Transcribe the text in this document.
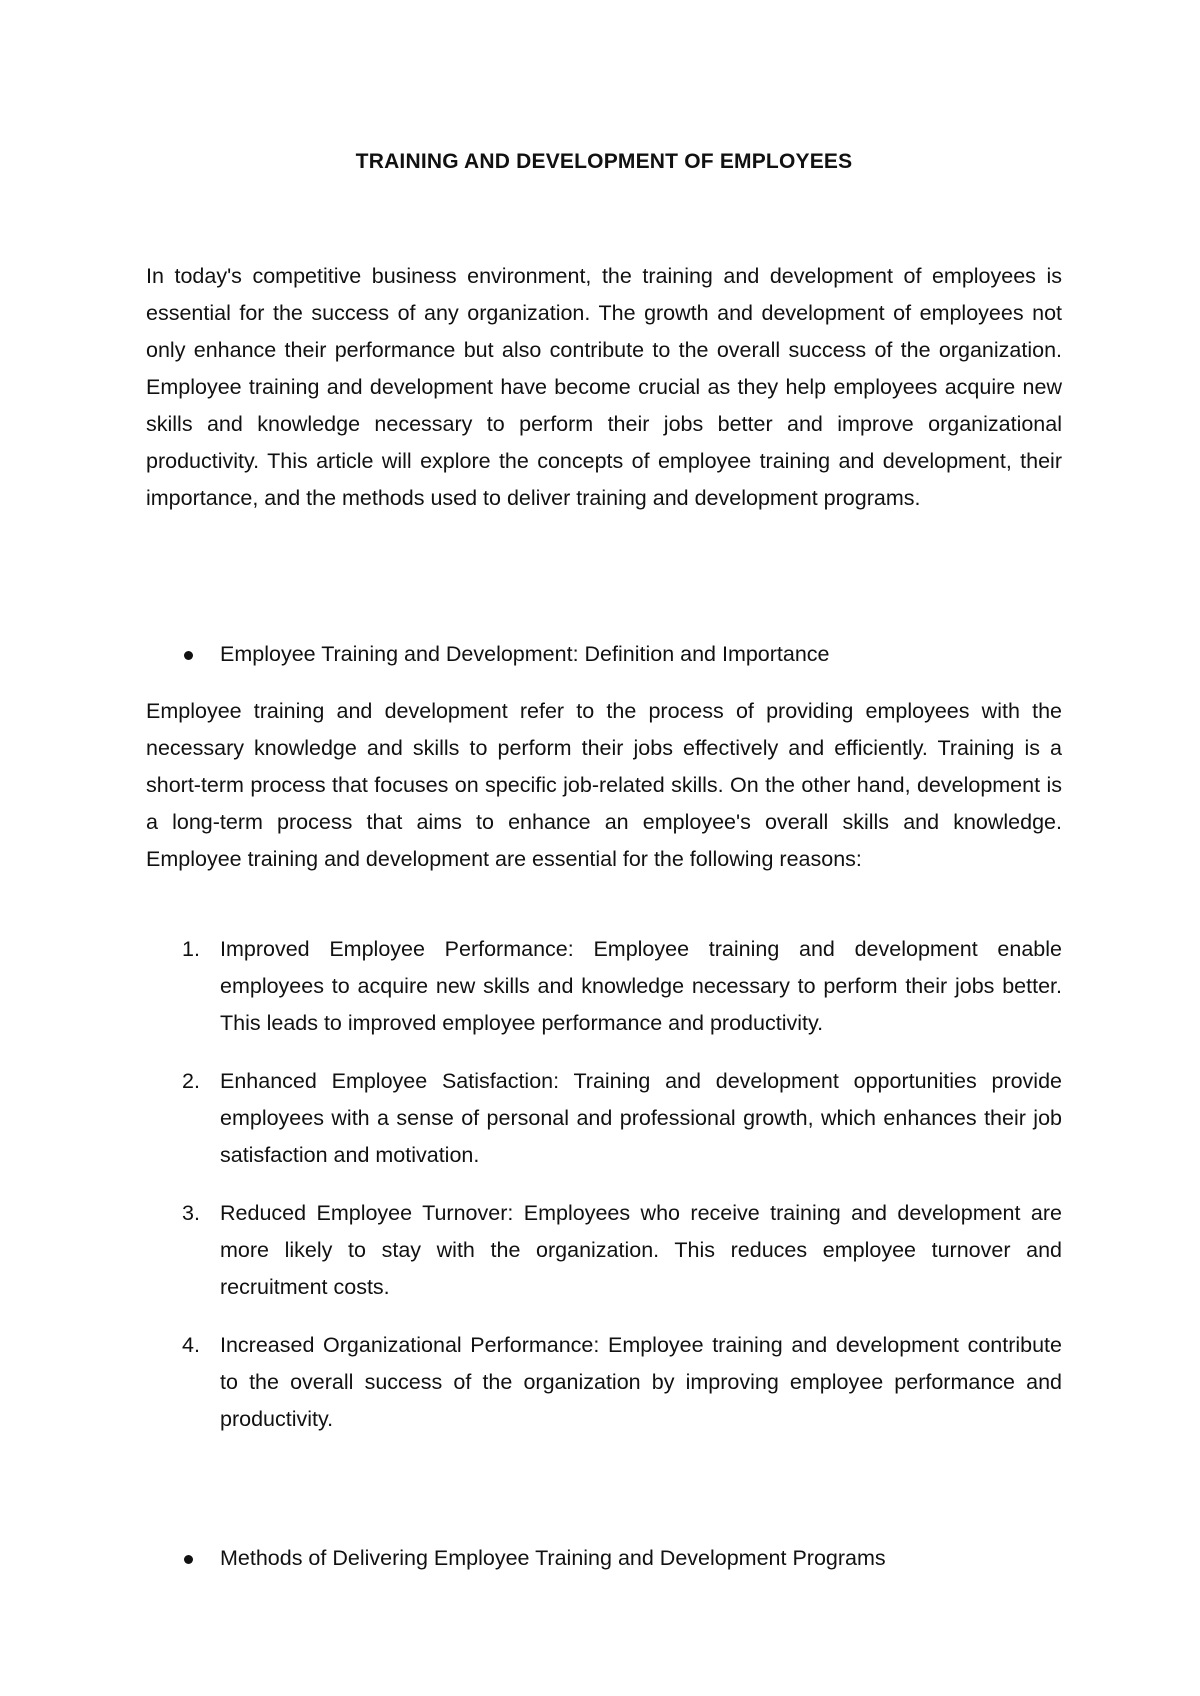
TRAINING AND DEVELOPMENT OF EMPLOYEES

In today's competitive business environment, the training and development of employees is essential for the success of any organization. The growth and development of employees not only enhance their performance but also contribute to the overall success of the organization. Employee training and development have become crucial as they help employees acquire new skills and knowledge necessary to perform their jobs better and improve organizational productivity. This article will explore the concepts of employee training and development, their importance, and the methods used to deliver training and development programs.

Employee Training and Development: Definition and Importance

Employee training and development refer to the process of providing employees with the necessary knowledge and skills to perform their jobs effectively and efficiently. Training is a short-term process that focuses on specific job-related skills. On the other hand, development is a long-term process that aims to enhance an employee's overall skills and knowledge. Employee training and development are essential for the following reasons:

1. Improved Employee Performance: Employee training and development enable employees to acquire new skills and knowledge necessary to perform their jobs better. This leads to improved employee performance and productivity.

2. Enhanced Employee Satisfaction: Training and development opportunities provide employees with a sense of personal and professional growth, which enhances their job satisfaction and motivation.

3. Reduced Employee Turnover: Employees who receive training and development are more likely to stay with the organization. This reduces employee turnover and recruitment costs.

4. Increased Organizational Performance: Employee training and development contribute to the overall success of the organization by improving employee performance and productivity.

Methods of Delivering Employee Training and Development Programs
